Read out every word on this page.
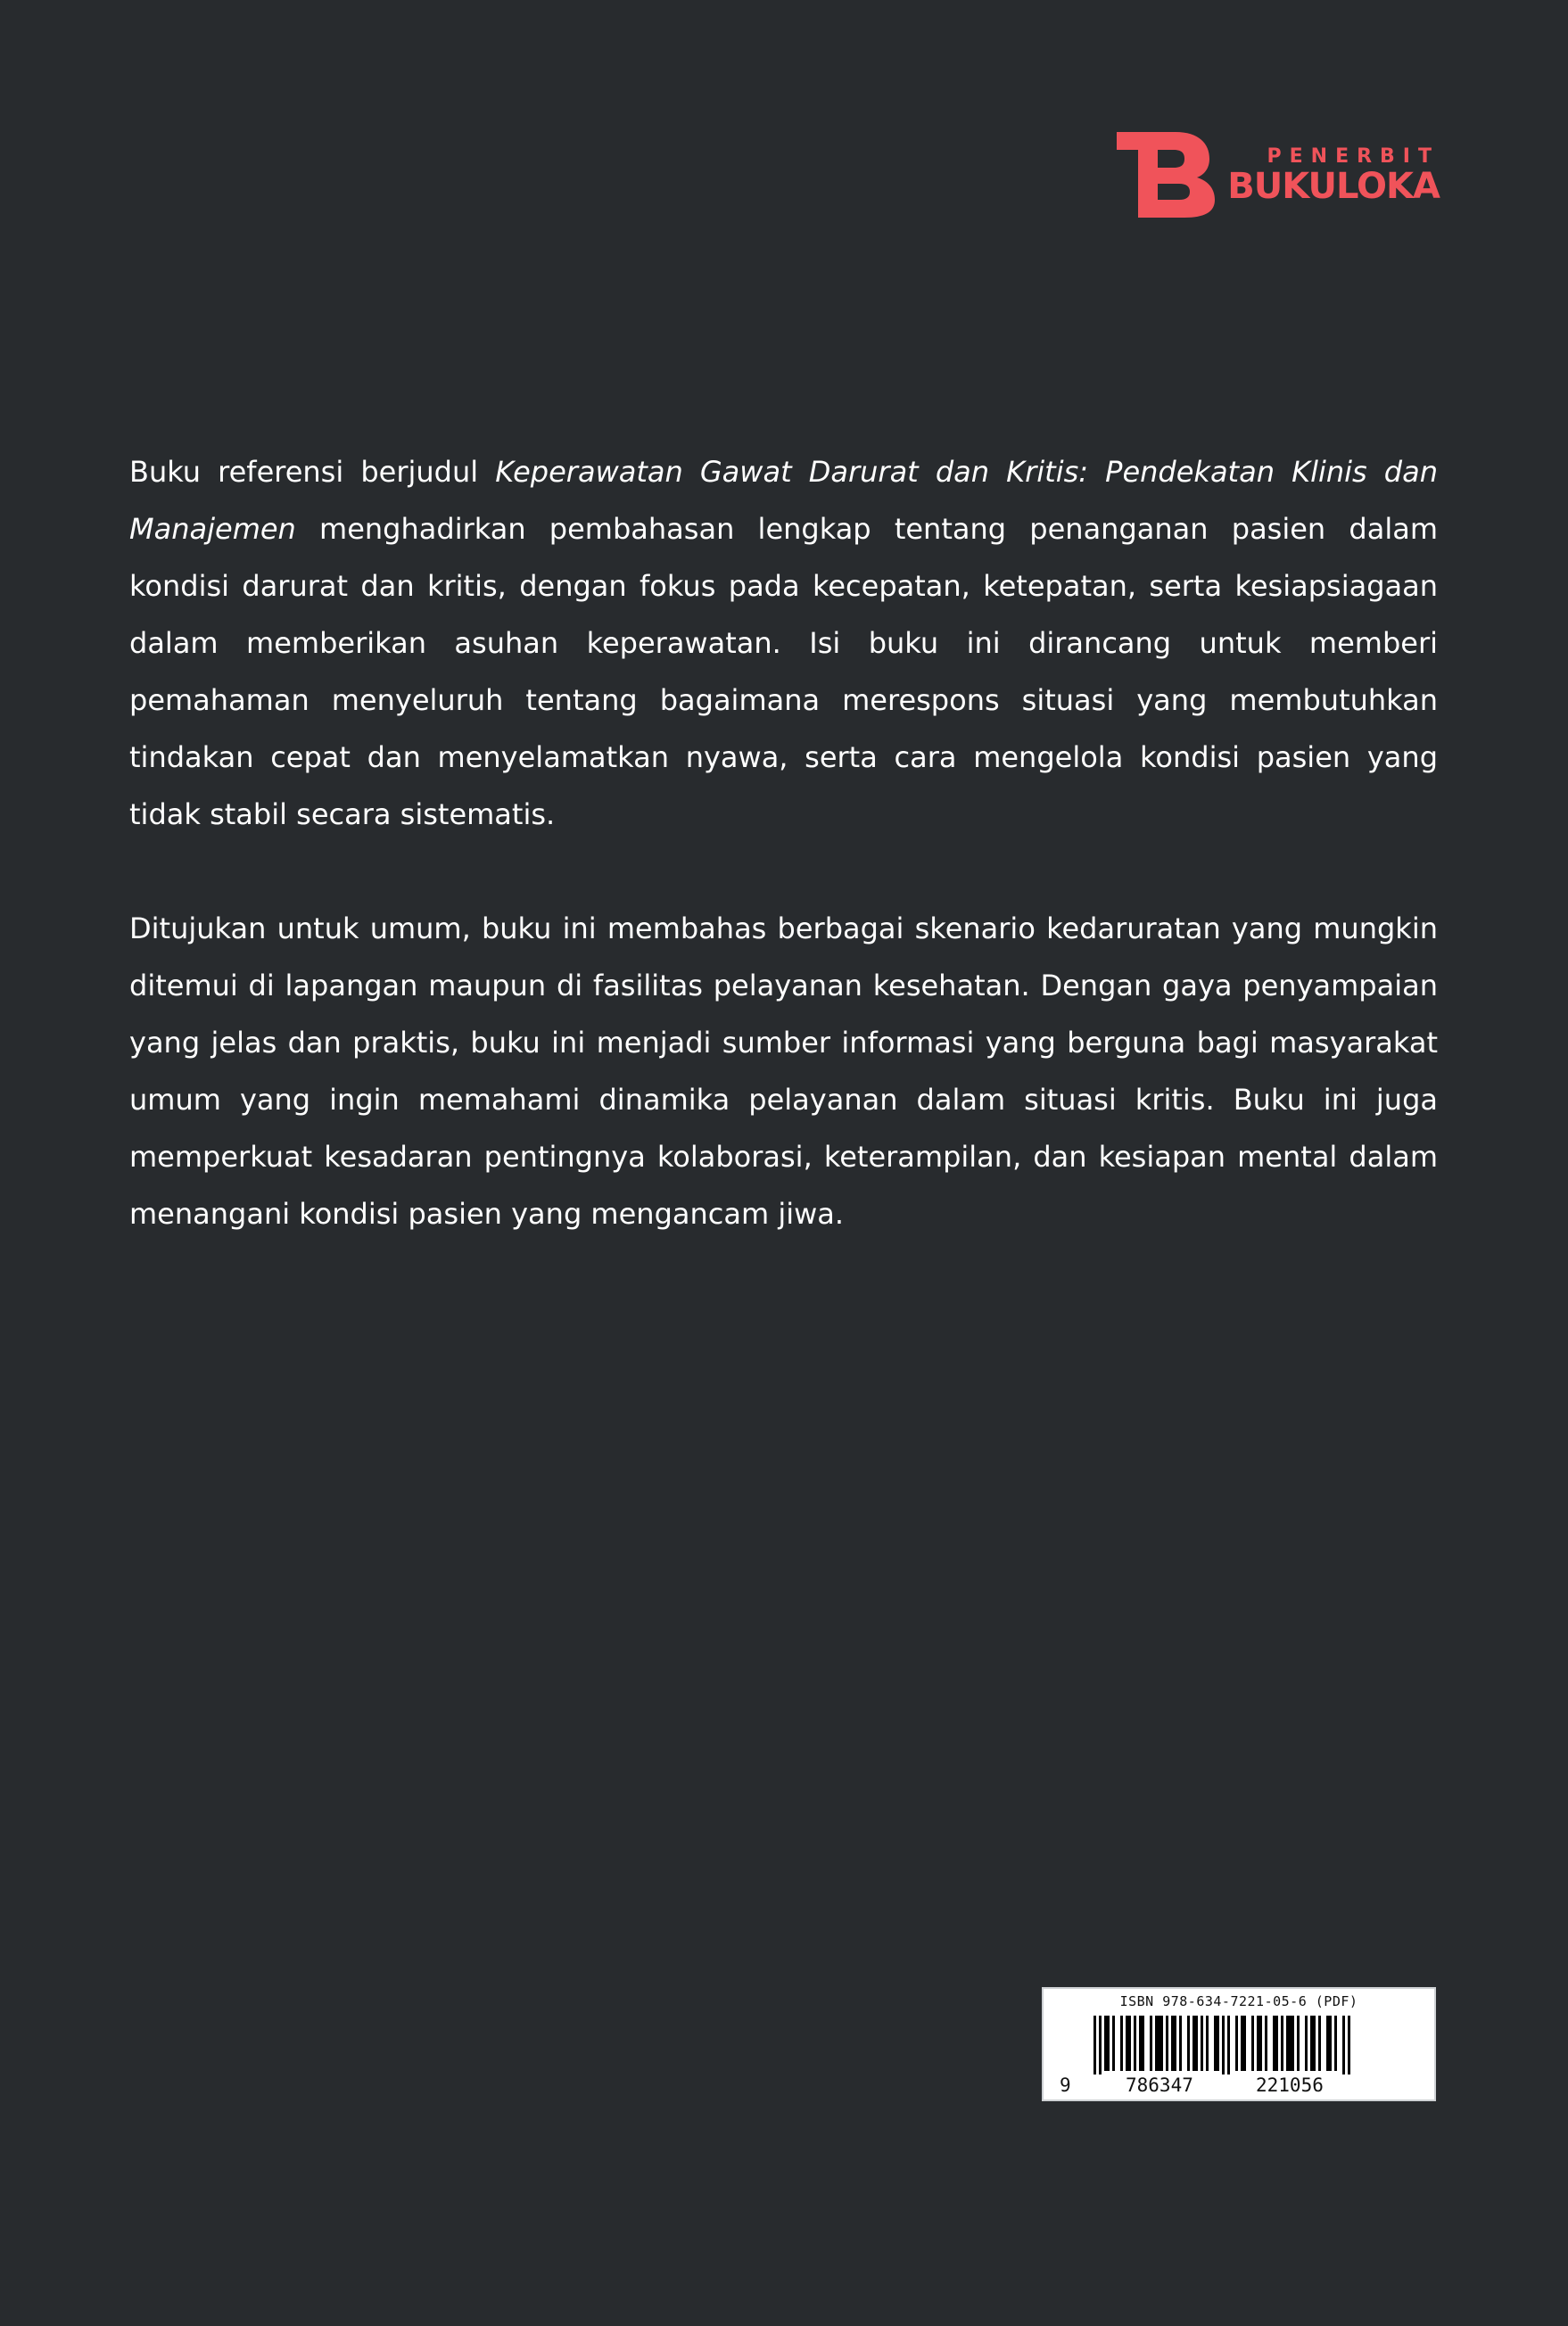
PENERBIT
BUKULOKA

Buku referensi berjudul Keperawatan Gawat Darurat dan Kritis: Pendekatan Klinis dan Manajemen menghadirkan pembahasan lengkap tentang penanganan pasien dalam kondisi darurat dan kritis, dengan fokus pada kecepatan, ketepatan, serta kesiapsiagaan dalam memberikan asuhan keperawatan. Isi buku ini dirancang untuk memberi pemahaman menyeluruh tentang bagaimana merespons situasi yang membutuhkan tindakan cepat dan menyelamatkan nyawa, serta cara mengelola kondisi pasien yang tidak stabil secara sistematis.

Ditujukan untuk umum, buku ini membahas berbagai skenario kedaruratan yang mungkin ditemui di lapangan maupun di fasilitas pelayanan kesehatan. Dengan gaya penyampaian yang jelas dan praktis, buku ini menjadi sumber informasi yang berguna bagi masyarakat umum yang ingin memahami dinamika pelayanan dalam situasi kritis. Buku ini juga memperkuat kesadaran pentingnya kolaborasi, keterampilan, dan kesiapan mental dalam menangani kondisi pasien yang mengancam jiwa.

ISBN 978-634-7221-05-6 (PDF)
9	786347	221056
